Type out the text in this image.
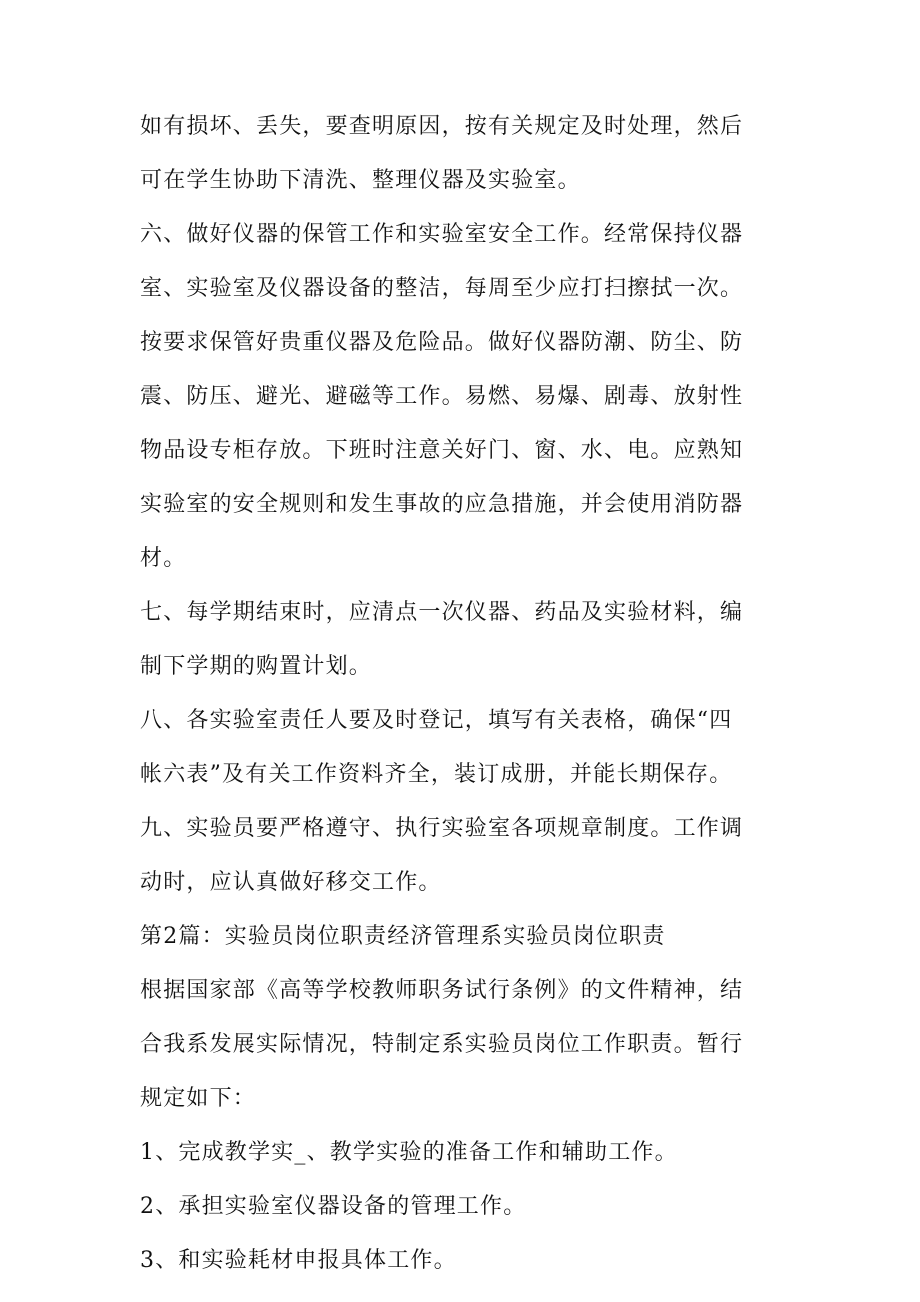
如有损坏、丢失，要查明原因，按有关规定及时处理，然后
可在学生协助下清洗、整理仪器及实验室。
六、做好仪器的保管工作和实验室安全工作。经常保持仪器
室、实验室及仪器设备的整洁，每周至少应打扫擦拭一次。
按要求保管好贵重仪器及危险品。做好仪器防潮、防尘、防
震、防压、避光、避磁等工作。易燃、易爆、剧毒、放射性
物品设专柜存放。下班时注意关好门、窗、水、电。应熟知
实验室的安全规则和发生事故的应急措施，并会使用消防器
材。
七、每学期结束时，应清点一次仪器、药品及实验材料，编
制下学期的购置计划。
八、各实验室责任人要及时登记，填写有关表格，确保“四
帐六表”及有关工作资料齐全，装订成册，并能长期保存。
九、实验员要严格遵守、执行实验室各项规章制度。工作调
动时，应认真做好移交工作。
第2篇：实验员岗位职责经济管理系实验员岗位职责
根据国家部《高等学校教师职务试行条例》的文件精神，结
合我系发展实际情况，特制定系实验员岗位工作职责。暂行
规定如下：
1、完成教学实_、教学实验的准备工作和辅助工作。
2、承担实验室仪器设备的管理工作。
3、和实验耗材申报具体工作。
